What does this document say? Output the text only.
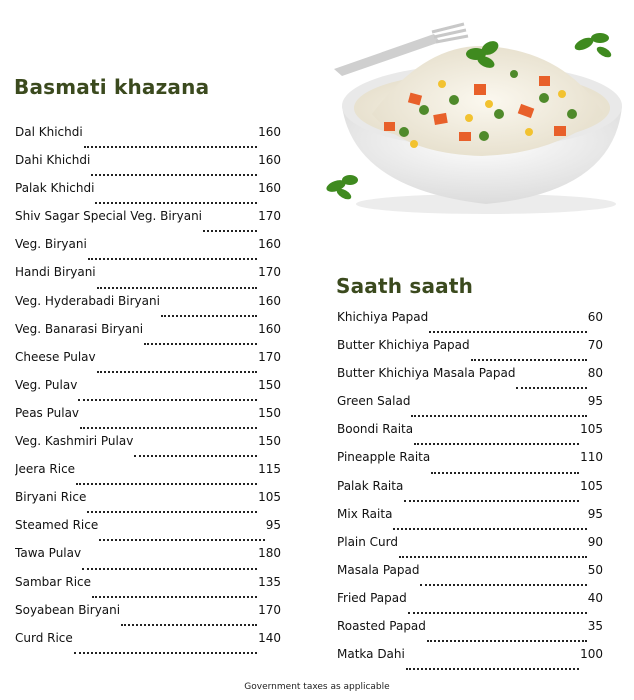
Basmati khazana
Dal Khichdi	160
Dahi Khichdi	160
Palak Khichdi	160
Shiv Sagar Special Veg. Biryani	170
Veg. Biryani	160
Handi Biryani	170
Veg. Hyderabadi Biryani	160
Veg. Banarasi Biryani	160
Cheese Pulav	170
Veg. Pulav	150
Peas Pulav	150
Veg. Kashmiri Pulav	150
Jeera Rice	115
Biryani Rice	105
Steamed Rice	95
Tawa Pulav	180
Sambar Rice	135
Soyabean Biryani	170
Curd Rice	140
Saath saath
Khichiya Papad	60
Butter Khichiya Papad	70
Butter Khichiya Masala Papad	80
Green Salad	95
Boondi Raita	105
Pineapple Raita	110
Palak Raita	105
Mix Raita	95
Plain Curd	90
Masala Papad	50
Fried Papad	40
Roasted Papad	35
Matka Dahi	100

Government taxes as applicable
